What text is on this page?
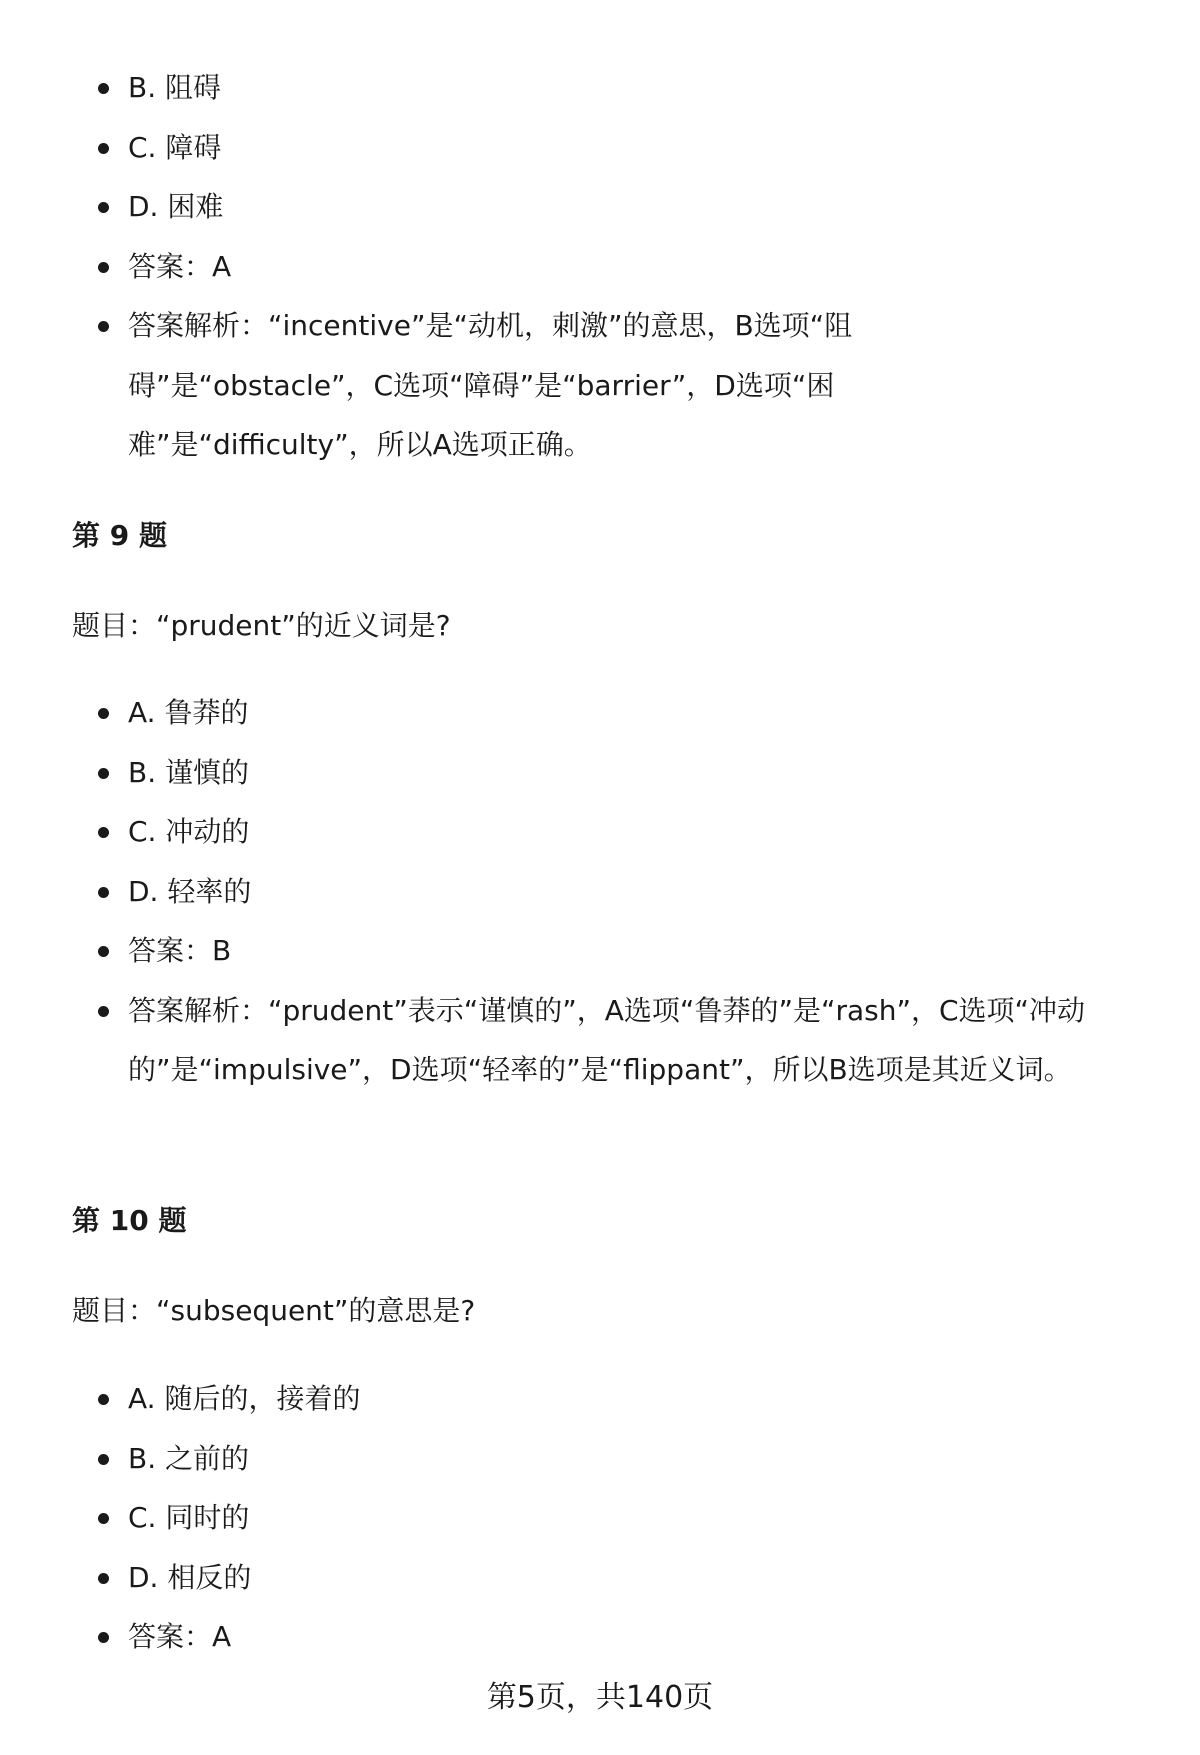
B. 阻碍
C. 障碍
D. 困难
答案：A
答案解析：“incentive”是“动机，刺激”的意思，B选项“阻碍”是“obstacle”，C选项“障碍”是“barrier”，D选项“困难”是“difficulty”，所以A选项正确。
第 9 题

题目：“prudent”的近义词是?

A. 鲁莽的
B. 谨慎的
C. 冲动的
D. 轻率的
答案：B
答案解析：“prudent”表示“谨慎的”，A选项“鲁莽的”是“rash”，C选项“冲动的”是“impulsive”，D选项“轻率的”是“flippant”，所以B选项是其近义词。
第 10 题

题目：“subsequent”的意思是?

A. 随后的，接着的
B. 之前的
C. 同时的
D. 相反的
答案：A
第5页，共140页
